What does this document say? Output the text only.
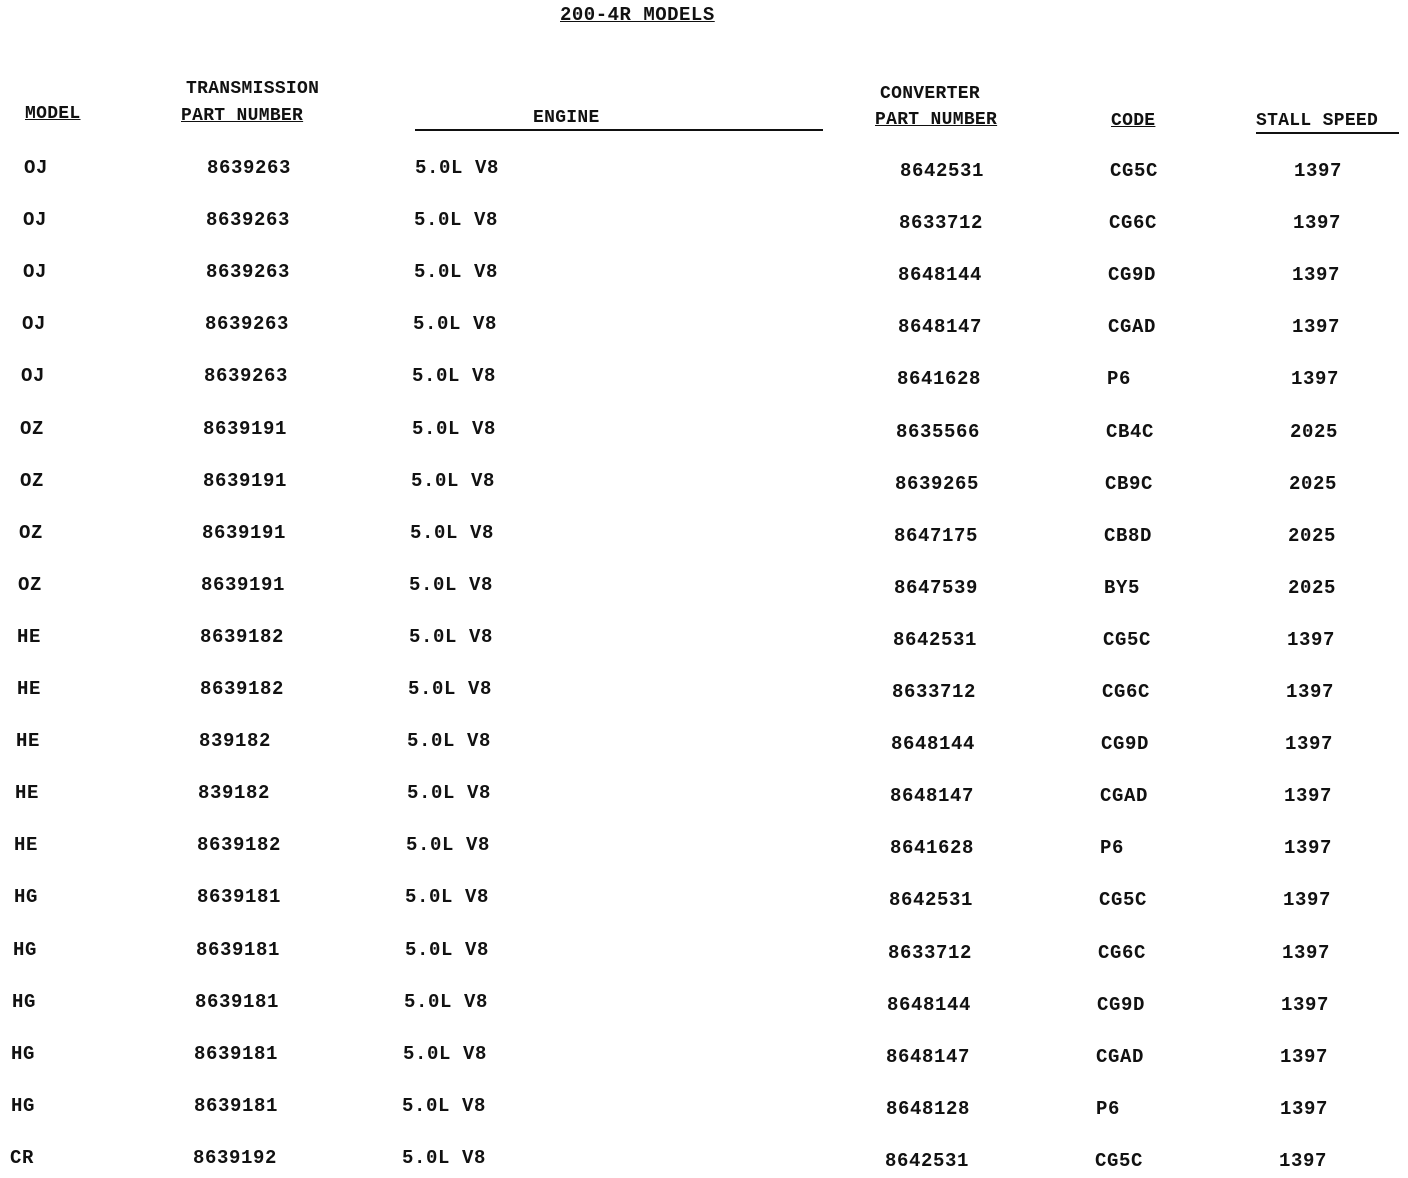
200-4R MODELS
MODEL
TRANSMISSION
PART NUMBER	ENGINE
CONVERTER
PART NUMBER	CODE	STALL SPEED
OJ	8639263	5.0L V8	8642531	CG5C	1397
OJ	8639263	5.0L V8	8633712	CG6C	1397
OJ	8639263	5.0L V8	8648144	CG9D	1397
OJ	8639263	5.0L V8	8648147	CGAD	1397
OJ	8639263	5.0L V8	8641628	P6	1397
OZ	8639191	5.0L V8	8635566	CB4C	2025
OZ	8639191	5.0L V8	8639265	CB9C	2025
OZ	8639191	5.0L V8	8647175	CB8D	2025
OZ	8639191	5.0L V8	8647539	BY5	2025
HE	8639182	5.0L V8	8642531	CG5C	1397
HE	8639182	5.0L V8	8633712	CG6C	1397
HE	839182	5.0L V8	8648144	CG9D	1397
HE	839182	5.0L V8	8648147	CGAD	1397
HE	8639182	5.0L V8	8641628	P6	1397
HG	8639181	5.0L V8	8642531	CG5C	1397
HG	8639181	5.0L V8	8633712	CG6C	1397
HG	8639181	5.0L V8	8648144	CG9D	1397
HG	8639181	5.0L V8	8648147	CGAD	1397
HG	8639181	5.0L V8	8648128	P6	1397
CR	8639192	5.0L V8	8642531	CG5C	1397
